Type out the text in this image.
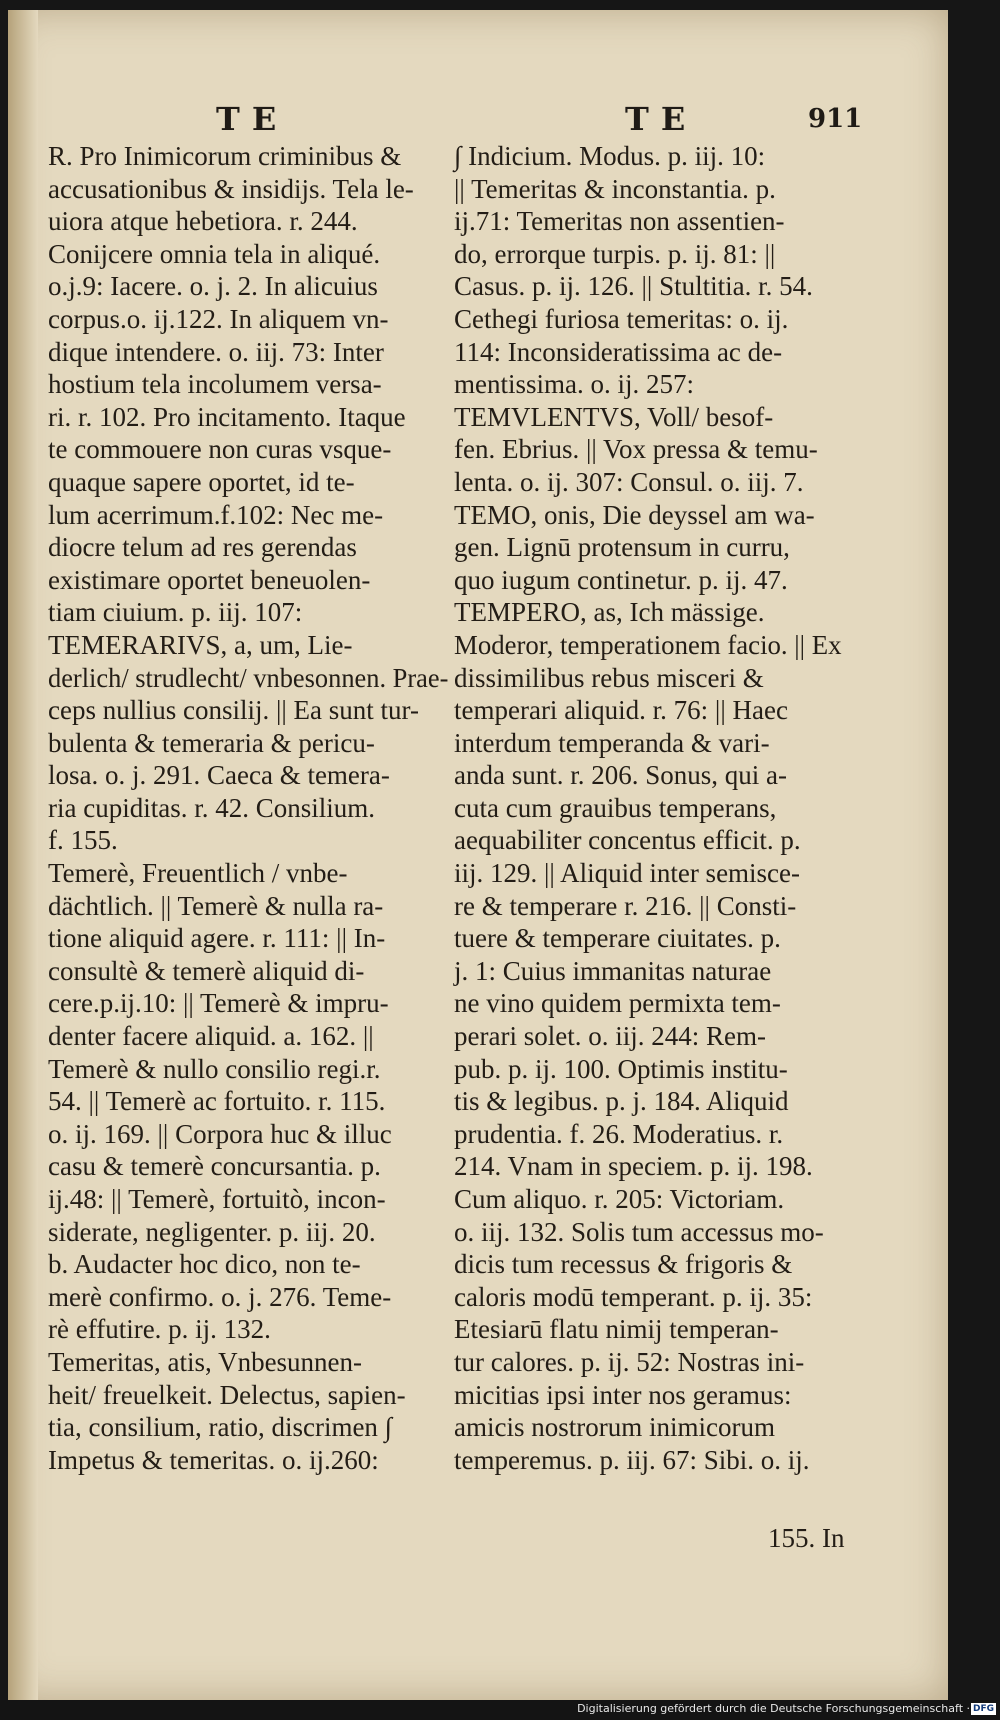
TE	TE	911
R. Pro Inimicorum criminibus &
accusationibus & insidijs. Tela le-
uiora atque hebetiora. r. 244.
Conijcere omnia tela in aliqué.
o.j.9: Iacere. o. j. 2. In alicuius
corpus.o. ij.122. In aliquem vn-
dique intendere. o. iij. 73: Inter
hostium tela incolumem versa-
ri. r. 102. Pro incitamento. Itaque
te commouere non curas vsque-
quaque sapere oportet, id te-
lum acerrimum.f.102: Nec me-
diocre telum ad res gerendas
existimare oportet beneuolen-
tiam ciuium. p. iij. 107:
TEMERARIVS, a, um, Lie-
derlich/ strudlecht/ vnbesonnen. Prae-
ceps nullius consilij. || Ea sunt tur-
bulenta & temeraria & pericu-
losa. o. j. 291. Caeca & temera-
ria cupiditas. r. 42. Consilium.
f. 155.
Temerè, Freuentlich / vnbe-
dächtlich. || Temerè & nulla ra-
tione aliquid agere. r. 111: || In-
consultè & temerè aliquid di-
cere.p.ij.10: || Temerè & impru-
denter facere aliquid. a. 162. ||
Temerè & nullo consilio regi.r.
54. || Temerè ac fortuito. r. 115.
o. ij. 169. || Corpora huc & illuc
casu & temerè concursantia. p.
ij.48: || Temerè, fortuitò, incon-
siderate, negligenter. p. iij. 20.
b. Audacter hoc dico, non te-
merè confirmo. o. j. 276. Teme-
rè effutire. p. ij. 132.
Temeritas, atis, Vnbesunnen-
heit/ freuelkeit. Delectus, sapien-
tia, consilium, ratio, discrimen ∫
Impetus & temeritas. o. ij.260:
∫ Indicium. Modus. p. iij. 10:
|| Temeritas & inconstantia. p.
ij.71: Temeritas non assentien-
do, errorque turpis. p. ij. 81: ||
Casus. p. ij. 126. || Stultitia. r. 54.
Cethegi furiosa temeritas: o. ij.
114: Inconsideratissima ac de-
mentissima. o. ij. 257:
TEMVLENTVS, Voll/ besof-
fen. Ebrius. || Vox pressa & temu-
lenta. o. ij. 307: Consul. o. iij. 7.
TEMO, onis, Die deyssel am wa-
gen. Lignū protensum in curru,
quo iugum continetur. p. ij. 47.
TEMPERO, as, Ich mässige.
Moderor, temperationem facio. || Ex
dissimilibus rebus misceri &
temperari aliquid. r. 76: || Haec
interdum temperanda & vari-
anda sunt. r. 206. Sonus, qui a-
cuta cum grauibus temperans,
aequabiliter concentus efficit. p.
iij. 129. || Aliquid inter semisce-
re & temperare r. 216. || Consti-
tuere & temperare ciuitates. p.
j. 1: Cuius immanitas naturae
ne vino quidem permixta tem-
perari solet. o. iij. 244: Rem-
pub. p. ij. 100. Optimis institu-
tis & legibus. p. j. 184. Aliquid
prudentia. f. 26. Moderatius. r.
214. Vnam in speciem. p. ij. 198.
Cum aliquo. r. 205: Victoriam.
o. iij. 132. Solis tum accessus mo-
dicis tum recessus & frigoris &
caloris modū temperant. p. ij. 35:
Etesiarū flatu nimij temperan-
tur calores. p. ij. 52: Nostras ini-
micitias ipsi inter nos geramus:
amicis nostrorum inimicorum
temperemus. p. iij. 67: Sibi. o. ij.
155. In
Digitalisierung gefördert durch die Deutsche Forschungsgemeinschaft · DFG
